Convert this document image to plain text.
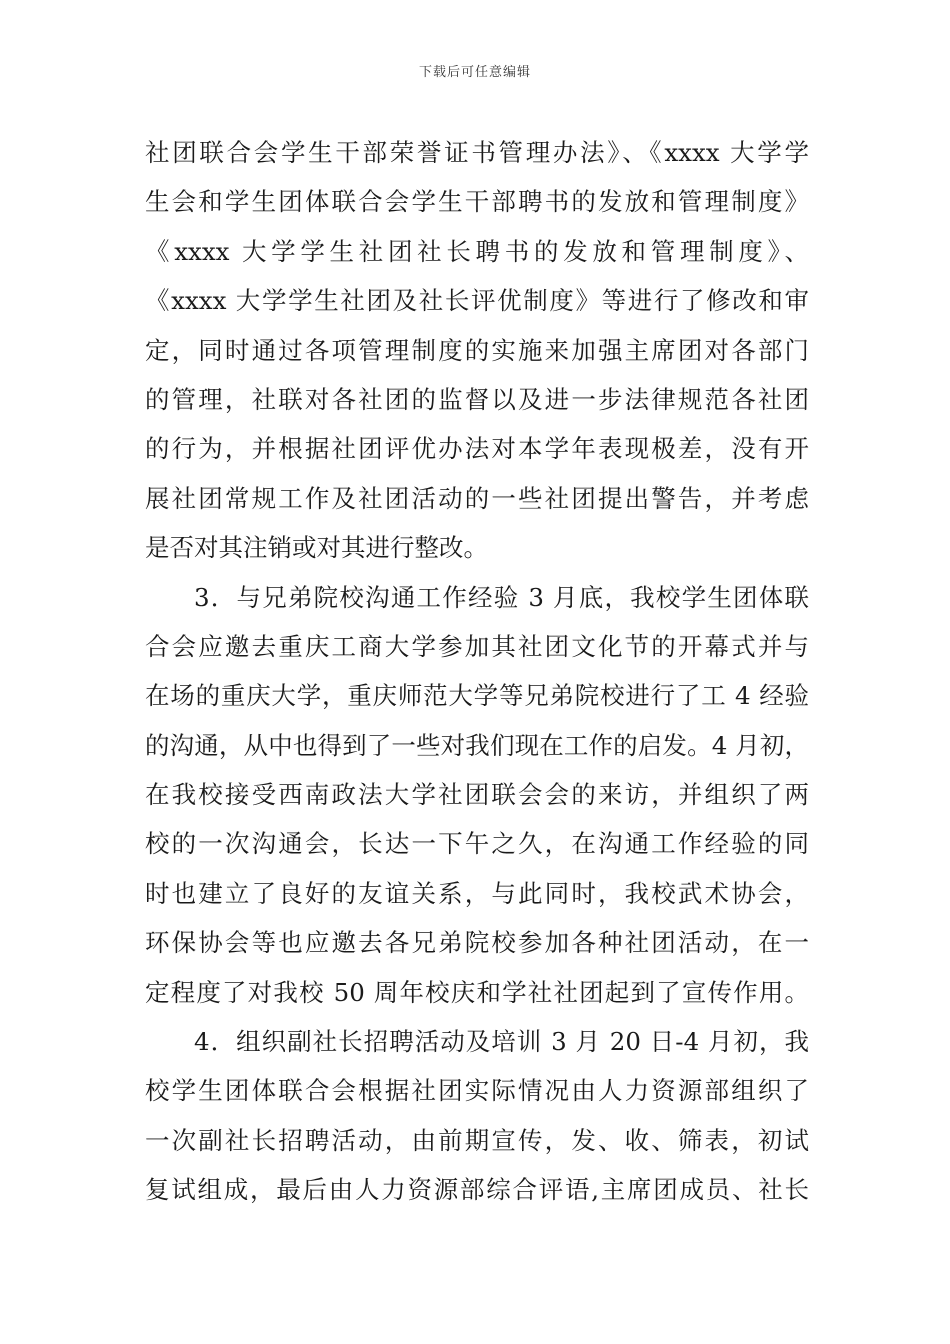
下载后可任意编辑
社团联合会学生干部荣誉证书管理办法》、《xxxx 大学学
生会和学生团体联合会学生干部聘书的发放和管理制度》
《xxxx 大学学生社团社长聘书的发放和管理制度》、
《xxxx 大学学生社团及社长评优制度》等进行了修改和审
定，同时通过各项管理制度的实施来加强主席团对各部门
的管理，社联对各社团的监督以及进一步法律规范各社团
的行为，并根据社团评优办法对本学年表现极差，没有开
展社团常规工作及社团活动的一些社团提出警告，并考虑
是否对其注销或对其进行整改。
3．与兄弟院校沟通工作经验 3 月底，我校学生团体联
合会应邀去重庆工商大学参加其社团文化节的开幕式并与
在场的重庆大学，重庆师范大学等兄弟院校进行了工 4 经验
的沟通，从中也得到了一些对我们现在工作的启发。4 月初，
在我校接受西南政法大学社团联会会的来访，并组织了两
校的一次沟通会，长达一下午之久，在沟通工作经验的同
时也建立了良好的友谊关系，与此同时，我校武术协会，
环保协会等也应邀去各兄弟院校参加各种社团活动，在一
定程度了对我校 50 周年校庆和学社社团起到了宣传作用。
4．组织副社长招聘活动及培训 3 月 20 日-4 月初，我
校学生团体联合会根据社团实际情况由人力资源部组织了
一次副社长招聘活动，由前期宣传，发、收、筛表，初试
复试组成，最后由人力资源部综合评语,主席团成员、社长
